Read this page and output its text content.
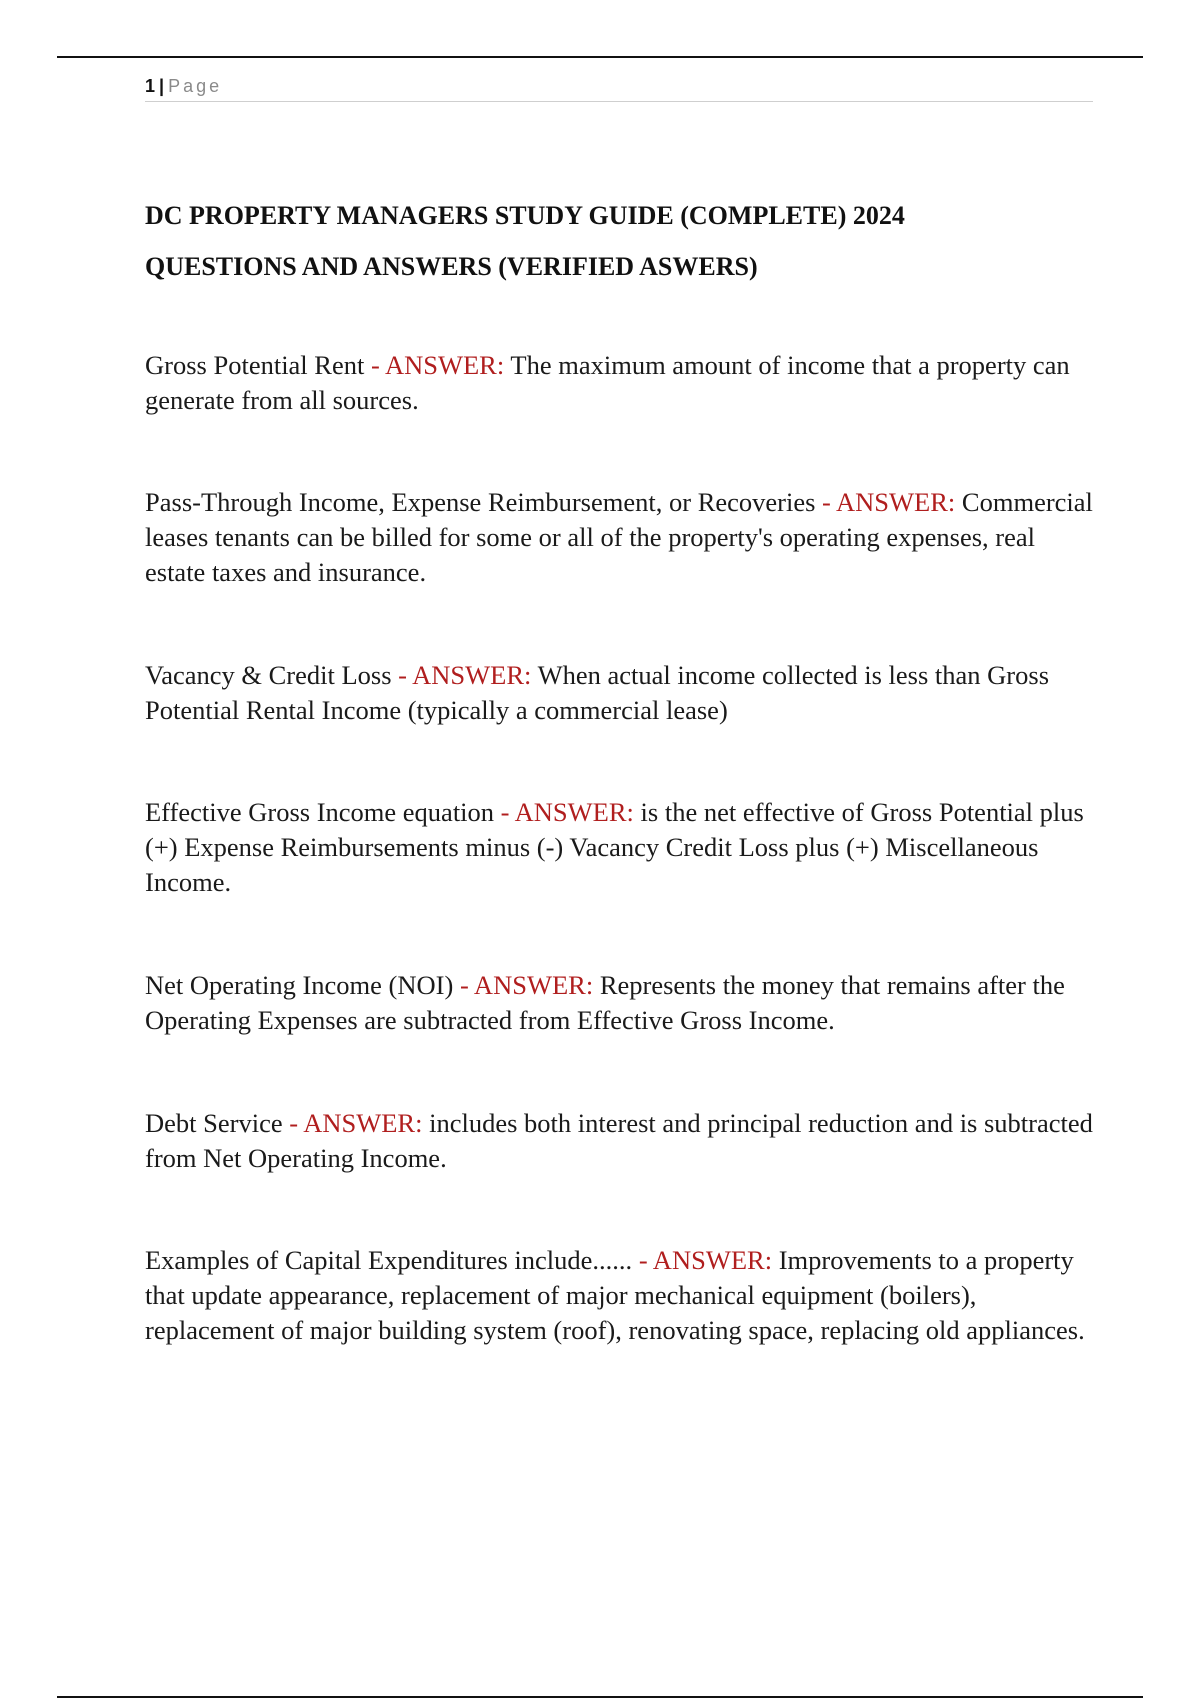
1 | Page
DC PROPERTY MANAGERS STUDY GUIDE (COMPLETE) 2024
QUESTIONS AND ANSWERS (VERIFIED ASWERS)

Gross Potential Rent - ANSWER: The maximum amount of income that a property can generate from all sources.

Pass-Through Income, Expense Reimbursement, or Recoveries - ANSWER: Commercial leases tenants can be billed for some or all of the property's operating expenses, real estate taxes and insurance.

Vacancy & Credit Loss - ANSWER: When actual income collected is less than Gross Potential Rental Income (typically a commercial lease)

Effective Gross Income equation - ANSWER: is the net effective of Gross Potential plus (+) Expense Reimbursements minus (-) Vacancy Credit Loss plus (+) Miscellaneous Income.

Net Operating Income (NOI) - ANSWER: Represents the money that remains after the Operating Expenses are subtracted from Effective Gross Income.

Debt Service - ANSWER: includes both interest and principal reduction and is subtracted from Net Operating Income.

Examples of Capital Expenditures include...... - ANSWER: Improvements to a property that update appearance, replacement of major mechanical equipment (boilers), replacement of major building system (roof), renovating space, replacing old appliances.
